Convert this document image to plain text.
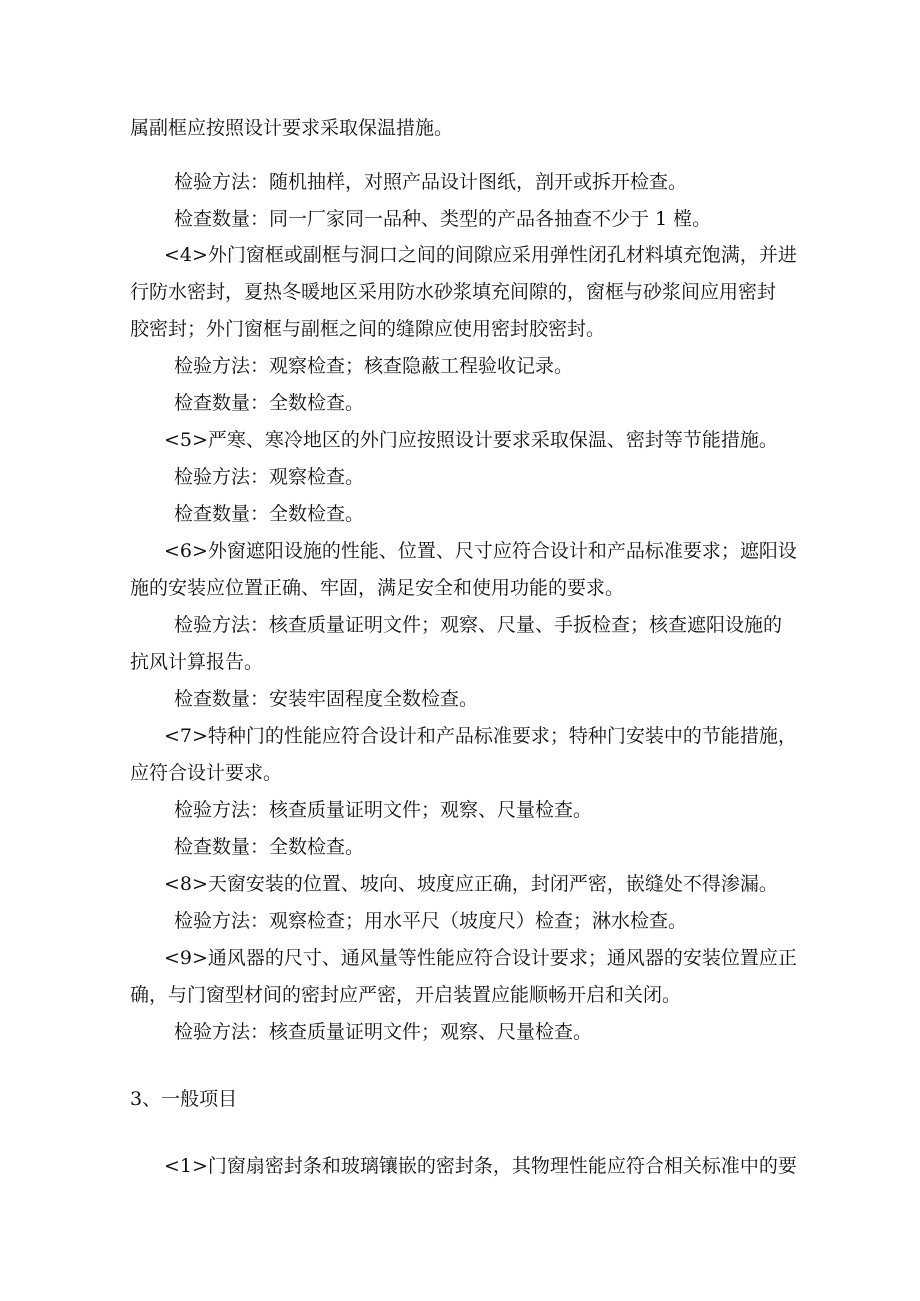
属副框应按照设计要求采取保温措施。
检验方法：随机抽样，对照产品设计图纸，剖开或拆开检查。
检查数量：同一厂家同一品种、类型的产品各抽查不少于 1 樘。
<4>外门窗框或副框与洞口之间的间隙应采用弹性闭孔材料填充饱满，并进
行防水密封，夏热冬暖地区采用防水砂浆填充间隙的，窗框与砂浆间应用密封
胶密封；外门窗框与副框之间的缝隙应使用密封胶密封。
检验方法：观察检查；核查隐蔽工程验收记录。
检查数量：全数检查。
<5>严寒、寒冷地区的外门应按照设计要求采取保温、密封等节能措施。
检验方法：观察检查。
检查数量：全数检查。
<6>外窗遮阳设施的性能、位置、尺寸应符合设计和产品标准要求；遮阳设
施的安装应位置正确、牢固，满足安全和使用功能的要求。
检验方法：核查质量证明文件；观察、尺量、手扳检查；核查遮阳设施的
抗风计算报告。
检查数量：安装牢固程度全数检查。
<7>特种门的性能应符合设计和产品标准要求；特种门安装中的节能措施，
应符合设计要求。
检验方法：核查质量证明文件；观察、尺量检查。
检查数量：全数检查。
<8>天窗安装的位置、坡向、坡度应正确，封闭严密，嵌缝处不得渗漏。
检验方法：观察检查；用水平尺（坡度尺）检查；淋水检查。
<9>通风器的尺寸、通风量等性能应符合设计要求；通风器的安装位置应正
确，与门窗型材间的密封应严密，开启装置应能顺畅开启和关闭。
检验方法：核查质量证明文件；观察、尺量检查。
3、一般项目
<1>门窗扇密封条和玻璃镶嵌的密封条，其物理性能应符合相关标准中的要
